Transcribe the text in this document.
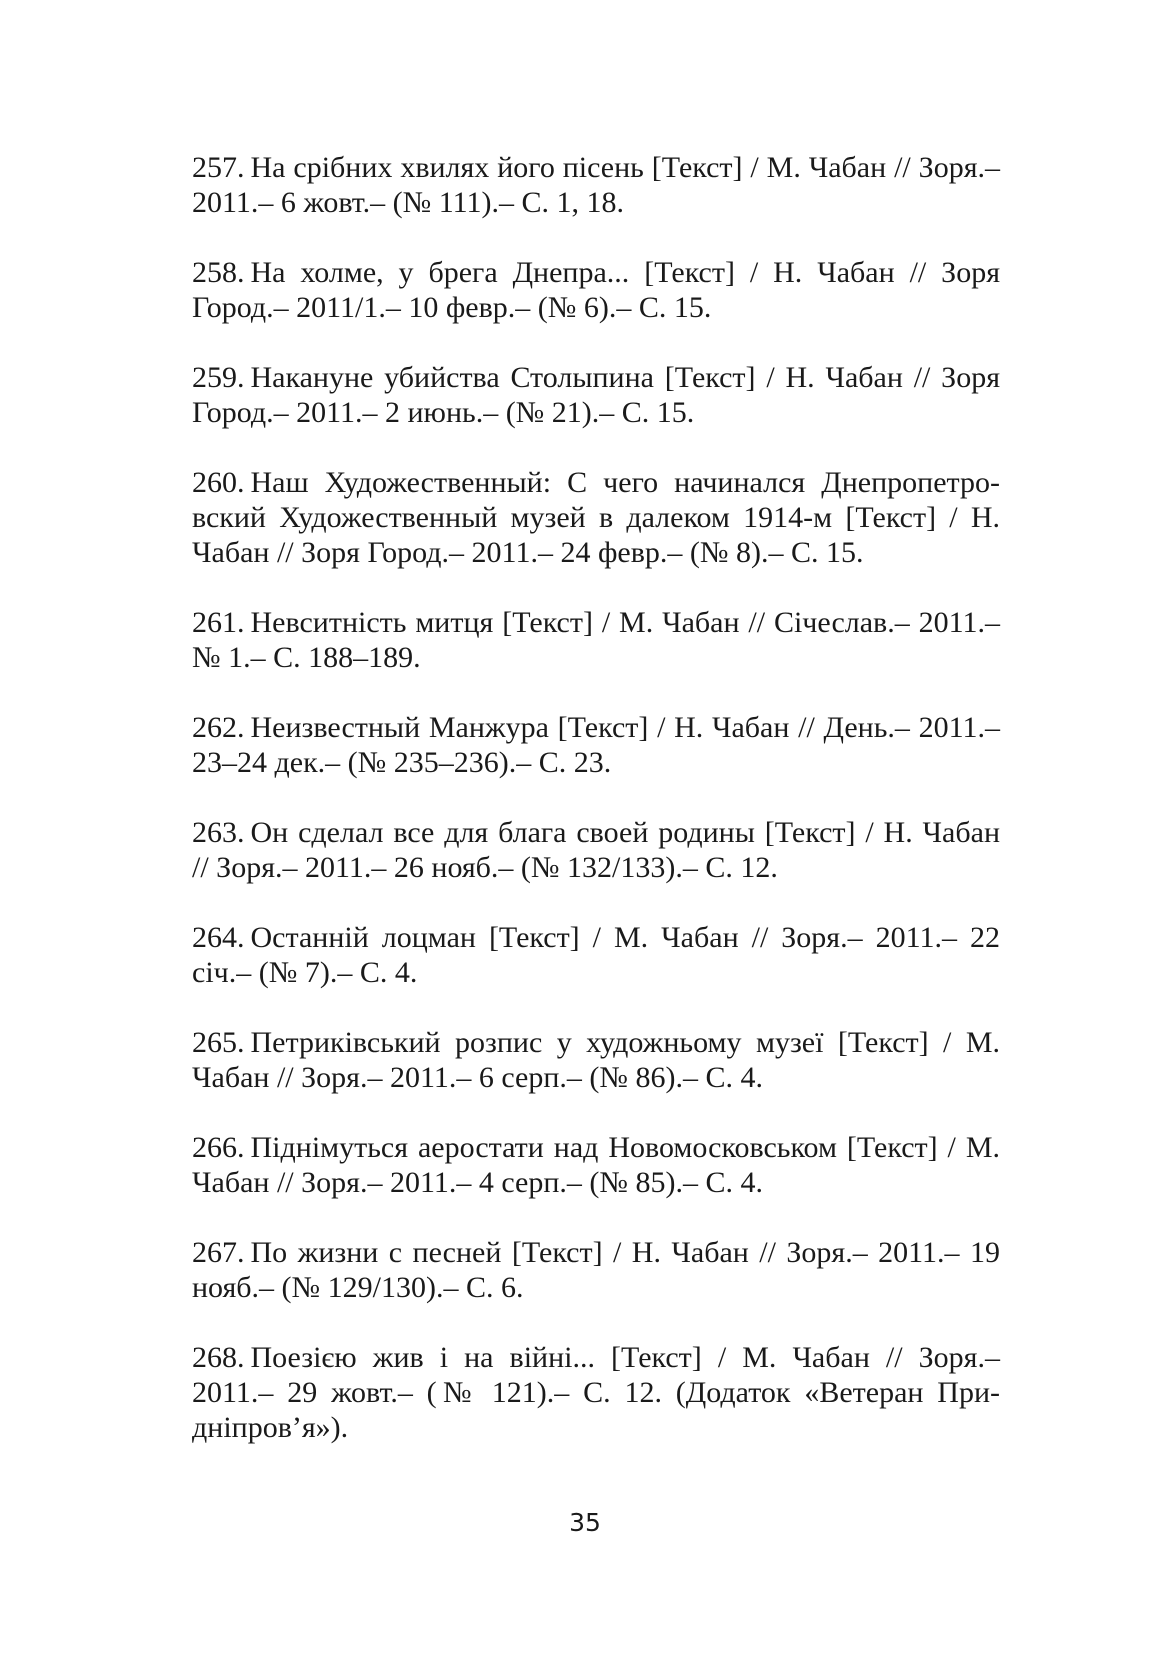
257. На срібних хвилях його пісень [Текст] / М. Чабан // Зоря.– 2011.– 6 жовт.– (№ 111).– С. 1, 18.

258. На холме, у брега Днепра... [Текст] / Н. Чабан // Зоря Город.– 2011/1.– 10 февр.– (№ 6).– С. 15.

259. Накануне убийства Столыпина [Текст] / Н. Чабан // Зоря Город.– 2011.– 2 июнь.– (№ 21).– С. 15.

260. Наш Художественный: С чего начинался Днепропетровский Художественный музей в далеком 1914-м [Текст] / Н. Чабан // Зоря Город.– 2011.– 24 февр.– (№ 8).– С. 15.

261. Невситність митця [Текст] / М. Чабан // Січеслав.– 2011.– № 1.– С. 188–189.

262. Неизвестный Манжура [Текст] / Н. Чабан // День.– 2011.– 23–24 дек.– (№ 235–236).– С. 23.

263. Он сделал все для блага своей родины [Текст] / Н. Чабан // Зоря.– 2011.– 26 нояб.– (№ 132/133).– С. 12.

264. Останній лоцман [Текст] / М. Чабан // Зоря.– 2011.– 22 січ.– (№ 7).– С. 4.

265. Петриківський розпис у художньому музеї [Текст] / М. Чабан // Зоря.– 2011.– 6 серп.– (№ 86).– С. 4.

266. Піднімуться аеростати над Новомосковськом [Текст] / М. Чабан // Зоря.– 2011.– 4 серп.– (№ 85).– С. 4.

267. По жизни с песней [Текст] / Н. Чабан // Зоря.– 2011.– 19 нояб.– (№ 129/130).– С. 6.

268. Поезією жив і на війні... [Текст] / М. Чабан // Зоря.– 2011.– 29 жовт.– (№ 121).– С. 12. (Додаток «Ветеран Придніпров’я»).

35
